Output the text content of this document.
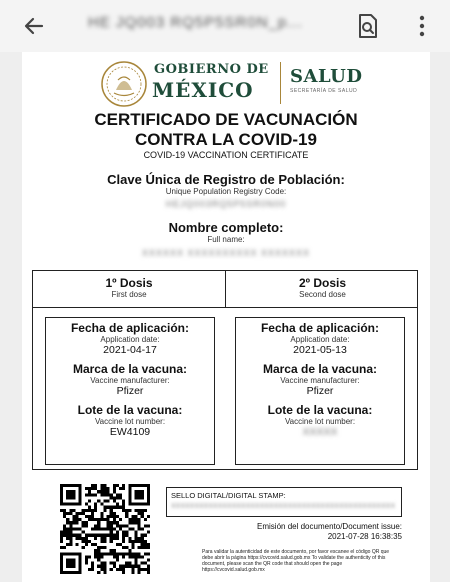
HE JQ003 RQ5P5SR0N_p...
GOBIERNO DE
MÉXICO
SALUD
SECRETARÍA DE SALUD
CERTIFICADO DE VACUNACIÓN
CONTRA LA COVID-19
COVID-19 VACCINATION CERTIFICATE
Clave Única de Registro de Población:
Unique Population Registry Code:
HEJQ003RQ5P5SR0N00
Nombre completo:
Full name:
XXXXXX XXXXXXXXXX XXXXXXX
1º Dosis
First dose
2º Dosis
Second dose
Fecha de aplicación:
Application date:
2021-04-17
Marca de la vacuna:
Vaccine manufacturer:
Pfizer
Lote de la vacuna:
Vaccine lot number:
EW4109
Fecha de aplicación:
Application date:
2021-05-13
Marca de la vacuna:
Vaccine manufacturer:
Pfizer
Lote de la vacuna:
Vaccine lot number:
XXXXX
SELLO DIGITAL/DIGITAL STAMP:
XXXXXXXXXXXXXXXXXXXXXXXXXXXXXXXXXXXXXXXXXXXXXXXX
Emisión del documento/Document issue:
2021-07-28 16:38:35
Para validar la autenticidad de este documento, por favor escanee el código QR que debe abrir la página https://cvcovid.salud.gob.mx To validate the authenticity of this document, please scan the QR code that should open the page https://cvcovid.salud.gob.mx
